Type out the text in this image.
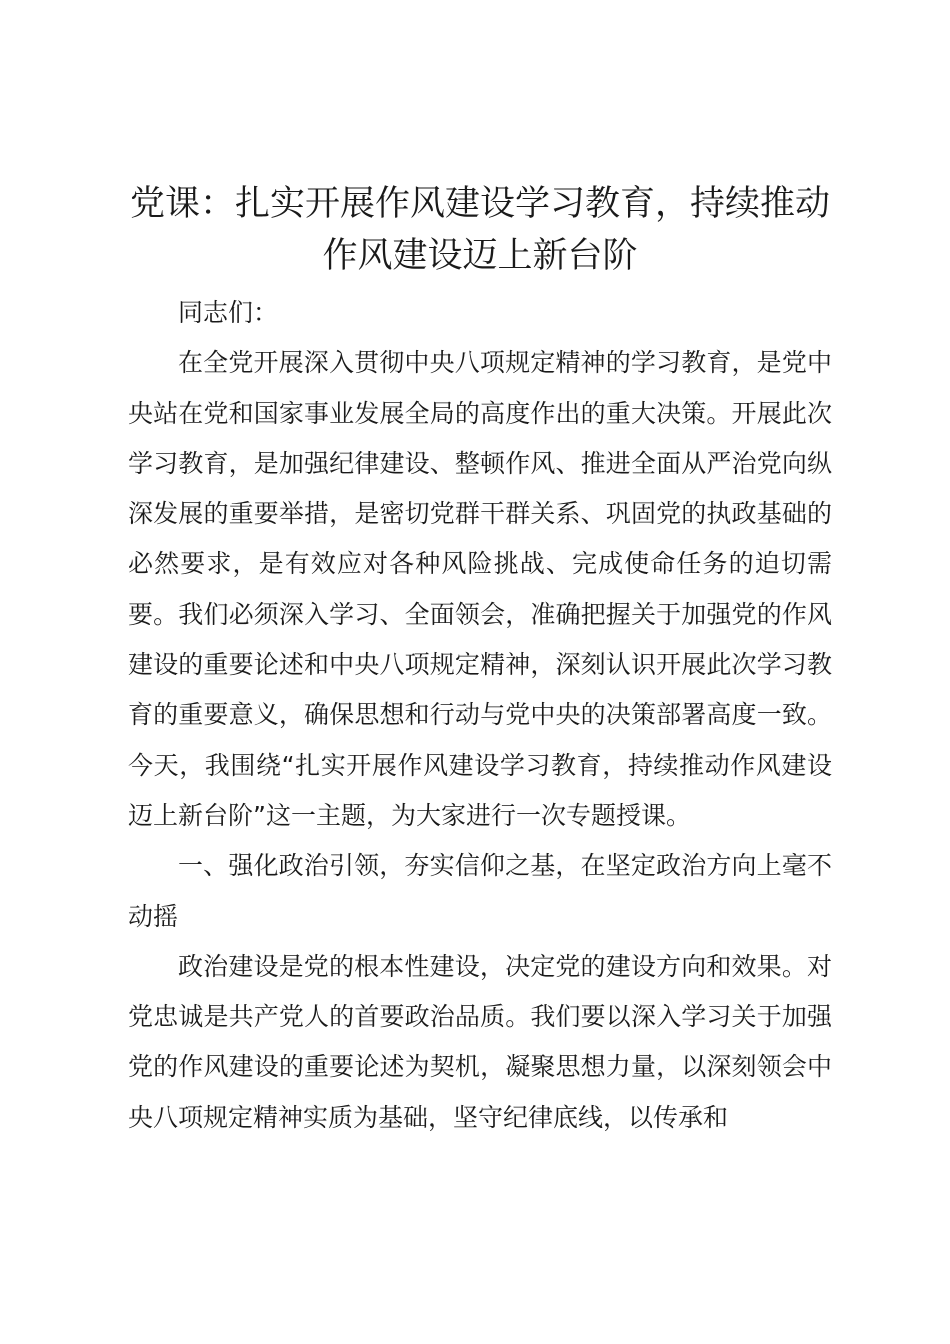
党课：扎实开展作风建设学习教育，持续推动作风建设迈上新台阶

同志们：

在全党开展深入贯彻中央八项规定精神的学习教育，是党中央站在党和国家事业发展全局的高度作出的重大决策。开展此次学习教育，是加强纪律建设、整顿作风、推进全面从严治党向纵深发展的重要举措，是密切党群干群关系、巩固党的执政基础的必然要求，是有效应对各种风险挑战、完成使命任务的迫切需要。我们必须深入学习、全面领会，准确把握关于加强党的作风建设的重要论述和中央八项规定精神，深刻认识开展此次学习教育的重要意义，确保思想和行动与党中央的决策部署高度一致。今天，我围绕“扎实开展作风建设学习教育，持续推动作风建设迈上新台阶”这一主题，为大家进行一次专题授课。

一、强化政治引领，夯实信仰之基，在坚定政治方向上毫不动摇

政治建设是党的根本性建设，决定党的建设方向和效果。对党忠诚是共产党人的首要政治品质。我们要以深入学习关于加强党的作风建设的重要论述为契机，凝聚思想力量，以深刻领会中央八项规定精神实质为基础，坚守纪律底线，以传承和
